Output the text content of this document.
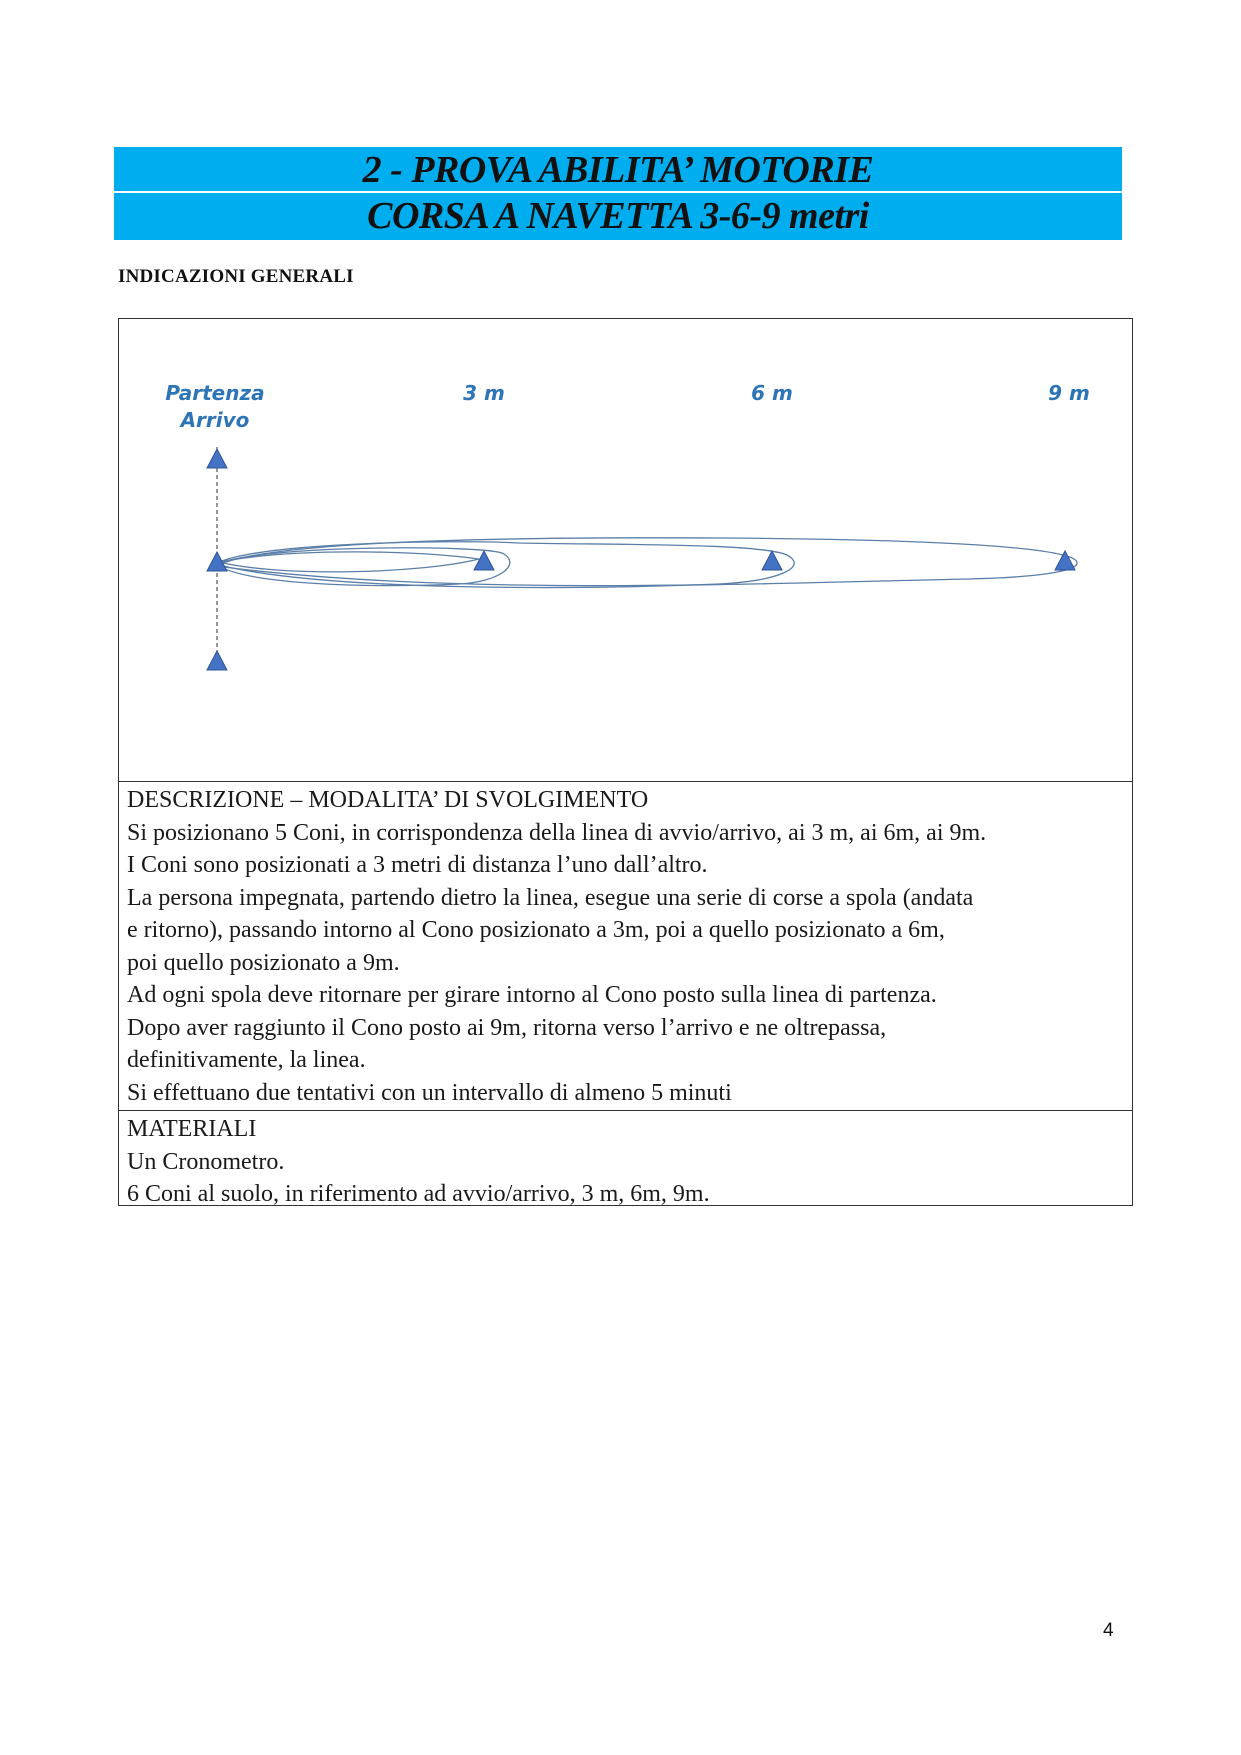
2 - PROVA ABILITA’ MOTORIE
CORSA A NAVETTA 3-6-9 metri
INDICAZIONI GENERALI
Partenza
Arrivo
3 m	6 m	9 m
DESCRIZIONE – MODALITA’ DI SVOLGIMENTO
Si posizionano 5 Coni, in corrispondenza della linea di avvio/arrivo, ai 3 m, ai 6m, ai 9m.
I Coni sono posizionati a 3 metri di distanza l’uno dall’altro.
La persona impegnata, partendo dietro la linea, esegue una serie di corse a spola (andata
e ritorno), passando intorno al Cono posizionato a 3m, poi a quello posizionato a 6m,
poi quello posizionato a 9m.
Ad ogni spola deve ritornare per girare intorno al Cono posto sulla linea di partenza.
Dopo aver raggiunto il Cono posto ai 9m, ritorna verso l’arrivo e ne oltrepassa,
definitivamente, la linea.
Si effettuano due tentativi con un intervallo di almeno 5 minuti
MATERIALI
Un Cronometro.
6 Coni al suolo, in riferimento ad avvio/arrivo, 3 m, 6m, 9m.
4
